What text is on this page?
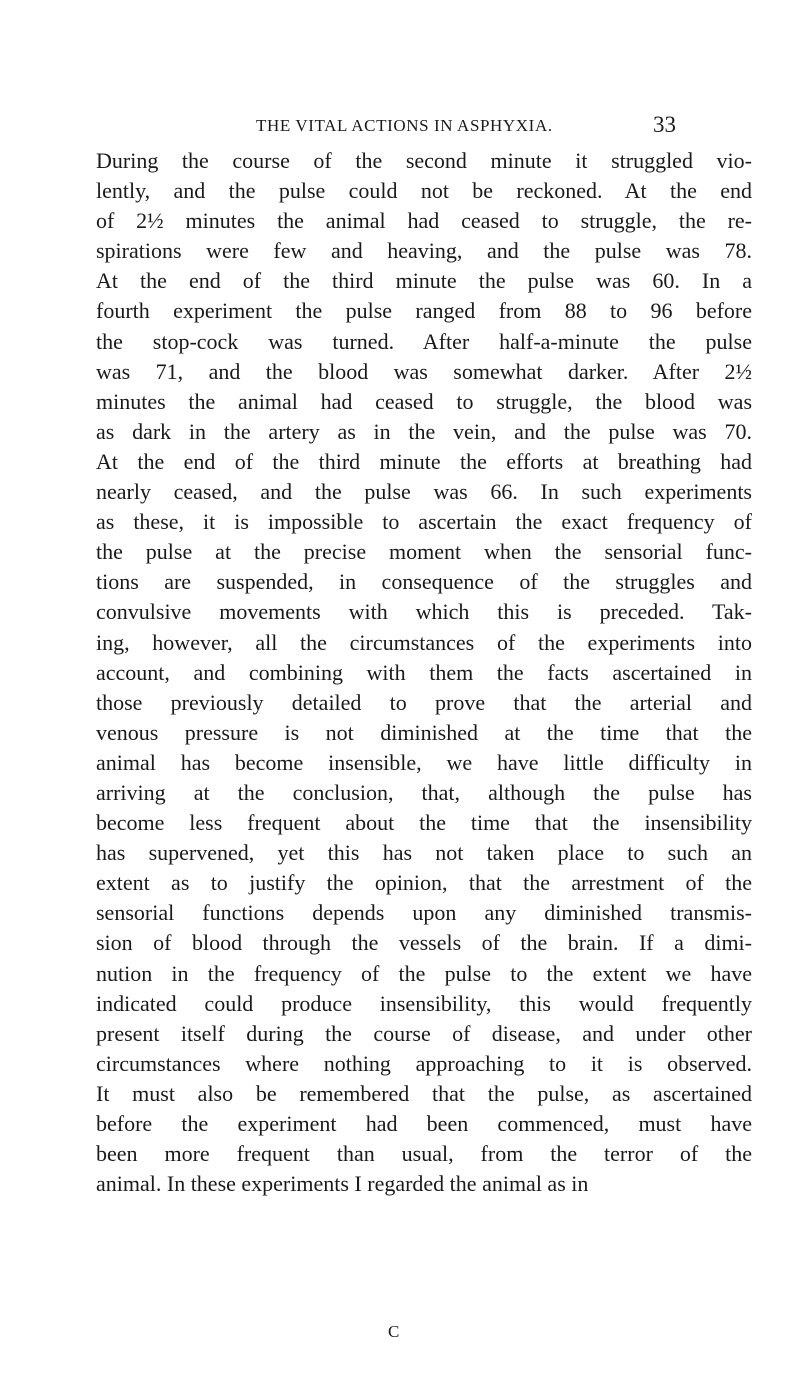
THE VITAL ACTIONS IN ASPHYXIA.	33
During the course of the second minute it struggled vio-
lently, and the pulse could not be reckoned. At the end
of 2½ minutes the animal had ceased to struggle, the re-
spirations were few and heaving, and the pulse was 78.
At the end of the third minute the pulse was 60. In a
fourth experiment the pulse ranged from 88 to 96 before
the stop-cock was turned. After half-a-minute the pulse
was 71, and the blood was somewhat darker. After 2½
minutes the animal had ceased to struggle, the blood was
as dark in the artery as in the vein, and the pulse was 70.
At the end of the third minute the efforts at breathing had
nearly ceased, and the pulse was 66. In such experiments
as these, it is impossible to ascertain the exact frequency of
the pulse at the precise moment when the sensorial func-
tions are suspended, in consequence of the struggles and
convulsive movements with which this is preceded. Tak-
ing, however, all the circumstances of the experiments into
account, and combining with them the facts ascertained in
those previously detailed to prove that the arterial and
venous pressure is not diminished at the time that the
animal has become insensible, we have little difficulty in
arriving at the conclusion, that, although the pulse has
become less frequent about the time that the insensibility
has supervened, yet this has not taken place to such an
extent as to justify the opinion, that the arrestment of the
sensorial functions depends upon any diminished transmis-
sion of blood through the vessels of the brain. If a dimi-
nution in the frequency of the pulse to the extent we have
indicated could produce insensibility, this would frequently
present itself during the course of disease, and under other
circumstances where nothing approaching to it is observed.
It must also be remembered that the pulse, as ascertained
before the experiment had been commenced, must have
been more frequent than usual, from the terror of the
animal. In these experiments I regarded the animal as in
C
